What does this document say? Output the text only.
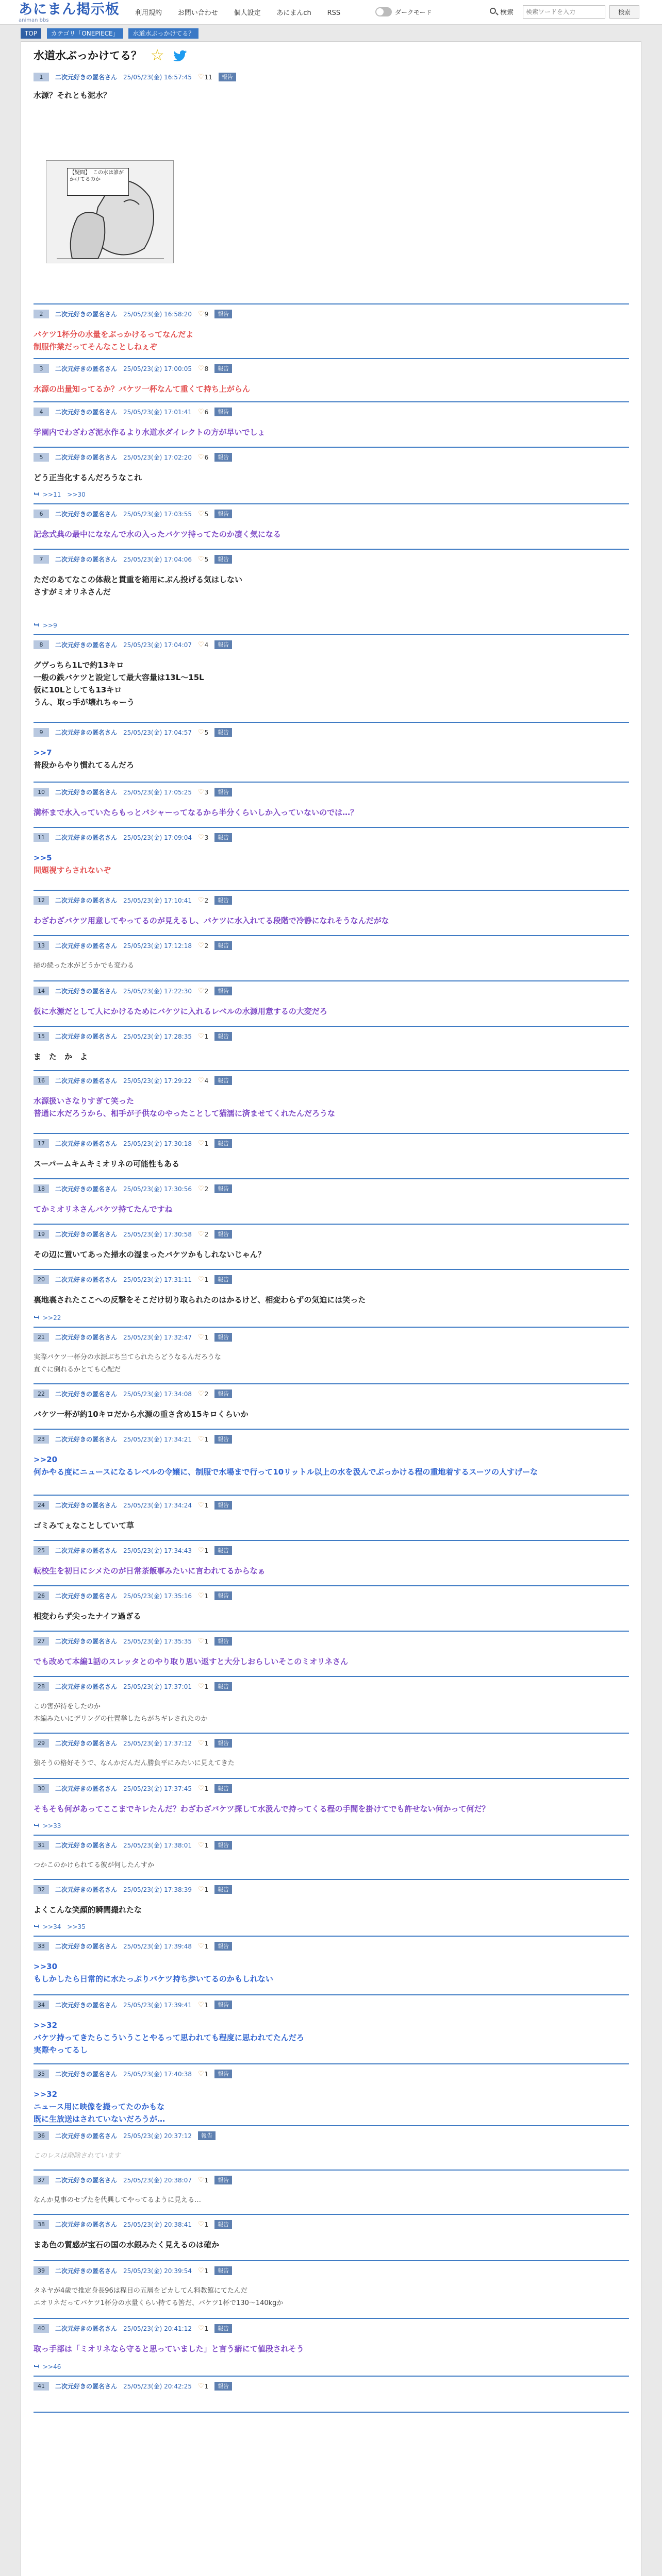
あにまん掲示板
animan bbs
利用規約 お問い合わせ 個人設定 あにまんch RSS	ダークモード	検索
検索ワードを入力	検索
TOP カテゴリ「ONEPIECE」 水道水ぶっかけてる？
水道水ぶっかけてる？ ☆
1 二次元好きの匿名さん 25/05/23(金) 16:57:45 ♡11 報告
【疑問】　この水は誰がかけてるのか

水源？それとも泥水？

2 二次元好きの匿名さん 25/05/23(金) 16:58:20 ♡9 報告

バケツ1杯分の水量をぶっかけるってなんだよ

制服作業だってそんなことしねぇぞ

3 二次元好きの匿名さん 25/05/23(金) 17:00:05 ♡8 報告

水源の出量知ってるか？バケツ一杯なんて重くて持ち上がらん

4 二次元好きの匿名さん 25/05/23(金) 17:01:41 ♡6 報告

学園内でわざわざ泥水作るより水道水ダイレクトの方が早いでしょ

5 二次元好きの匿名さん 25/05/23(金) 17:02:20 ♡6 報告

どう正当化するんだろうなこれ

>>11 >>30
6 二次元好きの匿名さん 25/05/23(金) 17:03:55 ♡5 報告

記念式典の最中にななんで水の入ったバケツ持ってたのか凄く気になる

7 二次元好きの匿名さん 25/05/23(金) 17:04:06 ♡5 報告

ただのあてなこの体裁と貫重を箱用にぶん投げる気はしない

さすがミオリネさんだ

>>9
8 二次元好きの匿名さん 25/05/23(金) 17:04:07 ♡4 報告

グヴっちら1Lで約13キロ

一般の鉄バケツと設定して最大容量は13L～15L

仮に10Lとしても13キロ

うん、取っ手が壊れちゃーう

9 二次元好きの匿名さん 25/05/23(金) 17:04:57 ♡5 報告

>>7

普段からやり慣れてるんだろ

10 二次元好きの匿名さん 25/05/23(金) 17:05:25 ♡3 報告

満杯まで水入っていたらもっとバシャーってなるから半分くらいしか入っていないのでは…？

11 二次元好きの匿名さん 25/05/23(金) 17:09:04 ♡3 報告

>>5

問題視すらされないぞ

12 二次元好きの匿名さん 25/05/23(金) 17:10:41 ♡2 報告

わざわざバケツ用意してやってるのが見えるし、バケツに水入れてる段階で冷静になれそうなんだがな

13 二次元好きの匿名さん 25/05/23(金) 17:12:18 ♡2 報告

掃の続った水がどうかでも変わる

14 二次元好きの匿名さん 25/05/23(金) 17:22:30 ♡2 報告

仮に水源だとして人にかけるためにバケツに入れるレベルの水源用意するの大変だろ

15 二次元好きの匿名さん 25/05/23(金) 17:28:35 ♡1 報告

ま　た　か　よ

16 二次元好きの匿名さん 25/05/23(金) 17:29:22 ♡4 報告

水源扱いさなりすぎて笑った

普通に水だろうから、相手が子供なのやったことして猫濡に済ませてくれたんだろうな

17 二次元好きの匿名さん 25/05/23(金) 17:30:18 ♡1 報告

スーパームキムキミオリネの可能性もある

18 二次元好きの匿名さん 25/05/23(金) 17:30:56 ♡2 報告

てかミオリネさんバケツ持てたんですね

19 二次元好きの匿名さん 25/05/23(金) 17:30:58 ♡2 報告

その辺に置いてあった掃水の湿まったバケツかもしれないじゃん？

20 二次元好きの匿名さん 25/05/23(金) 17:31:11 ♡1 報告

裏地裏されたここへの反撃をそこだけ切り取られたのはかるけど、相変わらずの気迫には笑った

>>22
21 二次元好きの匿名さん 25/05/23(金) 17:32:47 ♡1 報告

実際バケツ一杯分の水源ぶち当てられたらどうなるんだろうな

直ぐに倒れるかとても心配だ

22 二次元好きの匿名さん 25/05/23(金) 17:34:08 ♡2 報告

バケツ一杯が約10キロだから水源の重さ含め15キロくらいか

23 二次元好きの匿名さん 25/05/23(金) 17:34:21 ♡1 報告

>>20

何かやる度にニュースになるレベルの令嬢に、制服で水場まで行って10リットル以上の水を汲んでぶっかける程の重地着するスーツの人すげーな

24 二次元好きの匿名さん 25/05/23(金) 17:34:24 ♡1 報告

ゴミみてぇなことしていて草

25 二次元好きの匿名さん 25/05/23(金) 17:34:43 ♡1 報告

転校生を初日にシメたのが日常茶飯事みたいに言われてるからなぁ

26 二次元好きの匿名さん 25/05/23(金) 17:35:16 ♡1 報告

相変わらず尖ったナイフ過ぎる

27 二次元好きの匿名さん 25/05/23(金) 17:35:35 ♡1 報告

でも改めて本編1話のスレッタとのやり取り思い返すと大分しおらしいそこのミオリネさん

28 二次元好きの匿名さん 25/05/23(金) 17:37:01 ♡1 報告

この害が待をしたのか

本編みたいにデリングの仕置挙したらがちギレされたのか

29 二次元好きの匿名さん 25/05/23(金) 17:37:12 ♡1 報告

強そうの格好そうで、なんかだんだん勝負平にみたいに見えてきた

30 二次元好きの匿名さん 25/05/23(金) 17:37:45 ♡1 報告

そもそも何があってここまでキレたんだ？わざわざバケツ探して水汲んで持ってくる程の手間を掛けてでも許せない何かって何だ？

>>33
31 二次元好きの匿名さん 25/05/23(金) 17:38:01 ♡1 報告

つかこのかけられてる彼が何したんすか

32 二次元好きの匿名さん 25/05/23(金) 17:38:39 ♡1 報告

よくこんな笑顔的瞬間撮れたな

>>34 >>35
33 二次元好きの匿名さん 25/05/23(金) 17:39:48 ♡1 報告

>>30

もしかしたら日常的に水たっぷりバケツ持ち歩いてるのかもしれない

34 二次元好きの匿名さん 25/05/23(金) 17:39:41 ♡1 報告

>>32

バケツ持ってきたらこういうことやるって思われても程度に思われてたんだろ

実際やってるし

35 二次元好きの匿名さん 25/05/23(金) 17:40:38 ♡1 報告

>>32

ニュース用に映像を撮ってたのかもな

既に生放送はされていないだろうが…

36 二次元好きの匿名さん 25/05/23(金) 20:37:12 報告

このレスは削除されています

37 二次元好きの匿名さん 25/05/23(金) 20:38:07 ♡1 報告

なんか見事のセプたを代興してやってるように見える…

38 二次元好きの匿名さん 25/05/23(金) 20:38:41 ♡1 報告

まあ色の質感が宝石の国の水銀みたく見えるのは確か

39 二次元好きの匿名さん 25/05/23(金) 20:39:54 ♡1 報告

タネヤが4歳で推定身長96は程目の五層をピカしてん料教館にてたんだ

エオリネだってバケツ1杯分の水量くらい持てる筈だ、バケツ1杯で130～140kgか

40 二次元好きの匿名さん 25/05/23(金) 20:41:12 ♡1 報告

取っ手部は「ミオリネなら守ると思っていました」と言う癖にて値段されそう

>>46
41 二次元好きの匿名さん 25/05/23(金) 20:42:25 ♡1 報告
